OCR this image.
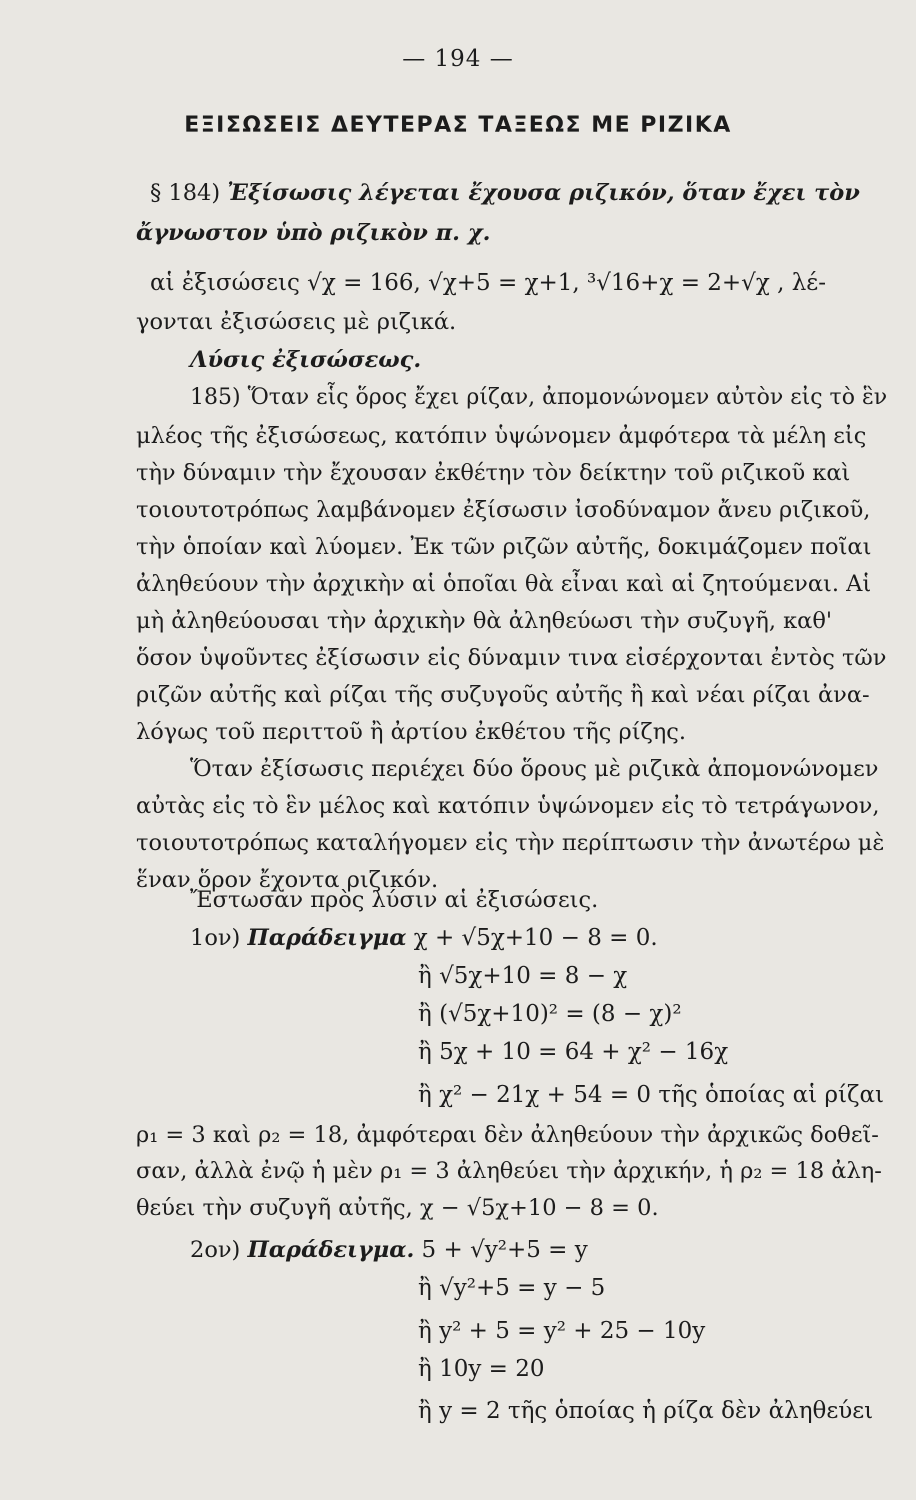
— 194 —
ΕΞΙΣΩΣΕΙΣ ΔΕΥΤΕΡΑΣ ΤΑΞΕΩΣ ΜΕ ΡΙΖΙΚΑ
§ 184) Ἐξίσωσις λέγεται ἔχουσα ριζικόν, ὅταν ἔχει τὸν
ἄγνωστον ὑπὸ ριζικὸν π. χ.
αἱ ἐξισώσεις √χ = 166, √χ+5 = χ+1, ³√16+χ = 2+√χ , λέ-
γονται ἐξισώσεις μὲ ριζικά.
Λύσις ἐξισώσεως.
185) Ὅταν εἷς ὅρος ἔχει ρίζαν, ἀπομονώνομεν αὐτὸν εἰς τὸ ἓν
μλέος τῆς ἐξισώσεως, κατόπιν ὑψώνομεν ἀμφότερα τὰ μέλη εἰς
τὴν δύναμιν τὴν ἔχουσαν ἐκθέτην τὸν δείκτην τοῦ ριζικοῦ καὶ
τοιουτοτρόπως λαμβάνομεν ἐξίσωσιν ἰσοδύναμον ἄνευ ριζικοῦ,
τὴν ὁποίαν καὶ λύομεν. Ἐκ τῶν ριζῶν αὐτῆς, δοκιμάζομεν ποῖαι
ἀληθεύουν τὴν ἀρχικὴν αἱ ὁποῖαι θὰ εἶναι καὶ αἱ ζητούμεναι. Αἱ
μὴ ἀληθεύουσαι τὴν ἀρχικὴν θὰ ἀληθεύωσι τὴν συζυγῆ, καθ'
ὅσον ὑψοῦντες ἐξίσωσιν εἰς δύναμιν τινα εἰσέρχονται ἐντὸς τῶν
ριζῶν αὐτῆς καὶ ρίζαι τῆς συζυγοῦς αὐτῆς ἢ καὶ νέαι ρίζαι ἀνα-
λόγως τοῦ περιττοῦ ἢ ἀρτίου ἐκθέτου τῆς ρίζης.
Ὅταν ἐξίσωσις περιέχει δύο ὅρους μὲ ριζικὰ ἀπομονώνομεν
αὐτὰς εἰς τὸ ἓν μέλος καὶ κατόπιν ὑψώνομεν εἰς τὸ τετράγωνον,
τοιουτοτρόπως καταλήγομεν εἰς τὴν περίπτωσιν τὴν ἀνωτέρω μὲ
ἕναν ὅρον ἔχοντα ριζικόν.
Ἔστωσαν πρὸς λύσιν αἱ ἐξισώσεις.
1ον) Παράδειγμα χ + √5χ+10 − 8 = 0.
ἢ √5χ+10 = 8 − χ
ἢ (√5χ+10)² = (8 − χ)²
ἢ 5χ + 10 = 64 + χ² − 16χ
ἢ χ² − 21χ + 54 = 0 τῆς ὁποίας αἱ ρίζαι
ρ₁ = 3 καὶ ρ₂ = 18, ἀμφότεραι δὲν ἀληθεύουν τὴν ἀρχικῶς δοθεῖ-
σαν, ἀλλὰ ἐνῷ ἡ μὲν ρ₁ = 3 ἀληθεύει τὴν ἀρχικήν, ἡ ρ₂ = 18 ἀλη-
θεύει τὴν συζυγῆ αὐτῆς, χ − √5χ+10 − 8 = 0.
2ον) Παράδειγμα. 5 + √y²+5 = y
ἢ √y²+5 = y − 5
ἢ y² + 5 = y² + 25 − 10y
ἢ 10y = 20
ἢ y = 2 τῆς ὁποίας ἡ ρίζα δὲν ἀληθεύει
